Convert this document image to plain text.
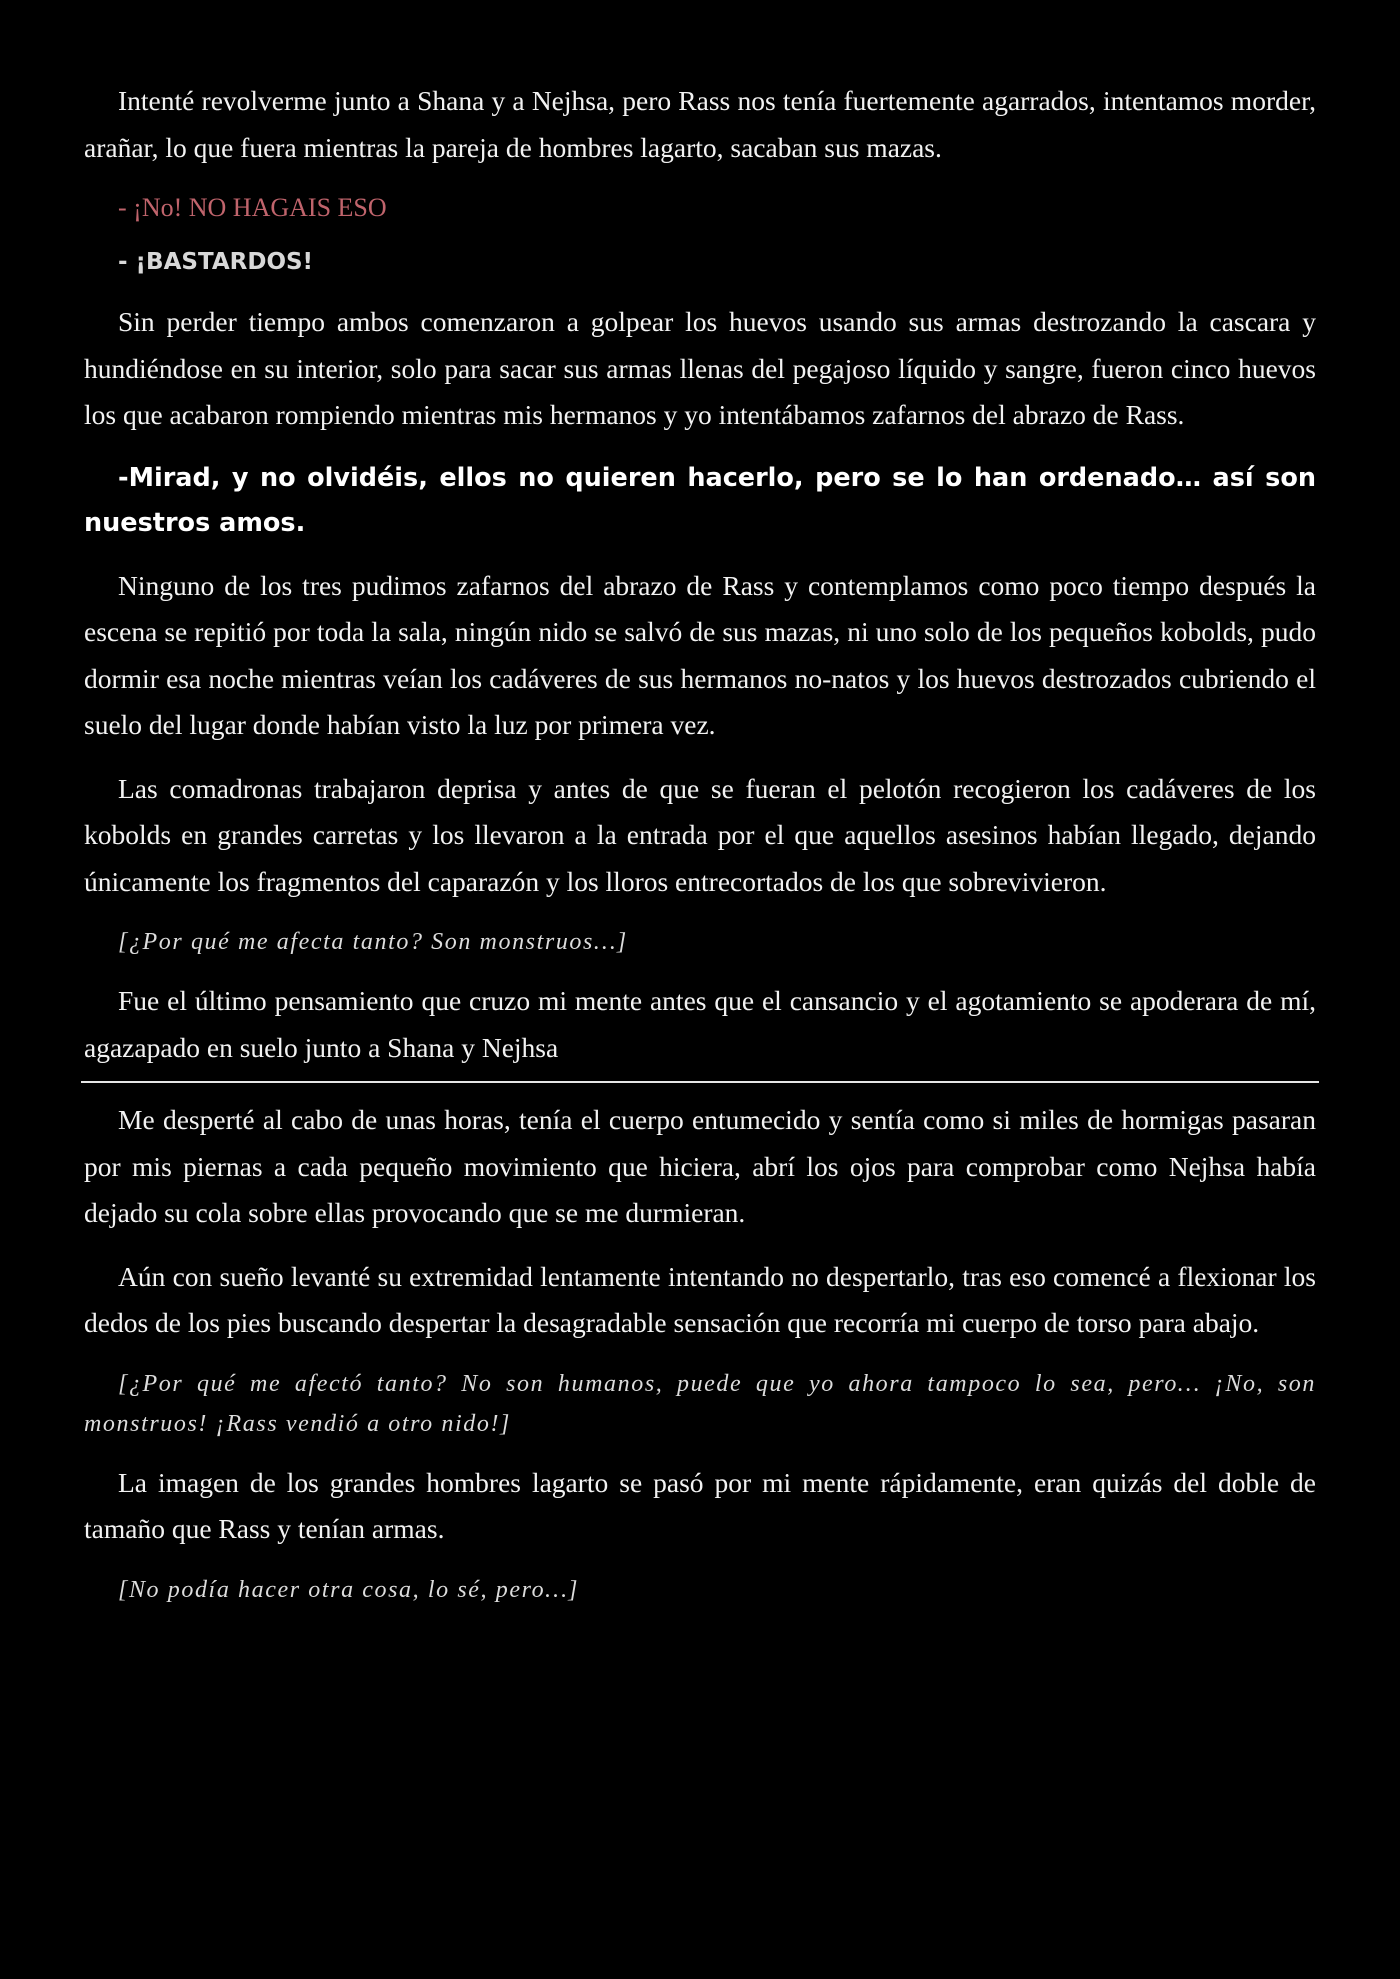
Intenté revolverme junto a Shana y a Nejhsa, pero Rass nos tenía fuertemente agarrados, intentamos morder, arañar, lo que fuera mientras la pareja de hombres lagarto, sacaban sus mazas.

- ¡No! NO HAGAIS ESO
- ¡BASTARDOS!

Sin perder tiempo ambos comenzaron a golpear los huevos usando sus armas destrozando la cascara y hundiéndose en su interior, solo para sacar sus armas llenas del pegajoso líquido y sangre, fueron cinco huevos los que acabaron rompiendo mientras mis hermanos y yo intentábamos zafarnos del abrazo de Rass.

-Mirad, y no olvidéis, ellos no quieren hacerlo, pero se lo han ordenado… así son nuestros amos.

Ninguno de los tres pudimos zafarnos del abrazo de Rass y contemplamos como poco tiempo después la escena se repitió por toda la sala, ningún nido se salvó de sus mazas, ni uno solo de los pequeños kobolds, pudo dormir esa noche mientras veían los cadáveres de sus hermanos no-natos y los huevos destrozados cubriendo el suelo del lugar donde habían visto la luz por primera vez.

Las comadronas trabajaron deprisa y antes de que se fueran el pelotón recogieron los cadáveres de los kobolds en grandes carretas y los llevaron a la entrada por el que aquellos asesinos habían llegado, dejando únicamente los fragmentos del caparazón y los lloros entrecortados de los que sobrevivieron.

[¿Por qué me afecta tanto? Son monstruos…]

Fue el último pensamiento que cruzo mi mente antes que el cansancio y el agotamiento se apoderara de mí, agazapado en suelo junto a Shana y Nejhsa

Me desperté al cabo de unas horas, tenía el cuerpo entumecido y sentía como si miles de hormigas pasaran por mis piernas a cada pequeño movimiento que hiciera, abrí los ojos para comprobar como Nejhsa había dejado su cola sobre ellas provocando que se me durmieran.

Aún con sueño levanté su extremidad lentamente intentando no despertarlo, tras eso comencé a flexionar los dedos de los pies buscando despertar la desagradable sensación que recorría mi cuerpo de torso para abajo.

[¿Por qué me afectó tanto? No son humanos, puede que yo ahora tampoco lo sea, pero… ¡No, son monstruos! ¡Rass vendió a otro nido!]

La imagen de los grandes hombres lagarto se pasó por mi mente rápidamente, eran quizás del doble de tamaño que Rass y tenían armas.

[No podía hacer otra cosa, lo sé, pero…]
